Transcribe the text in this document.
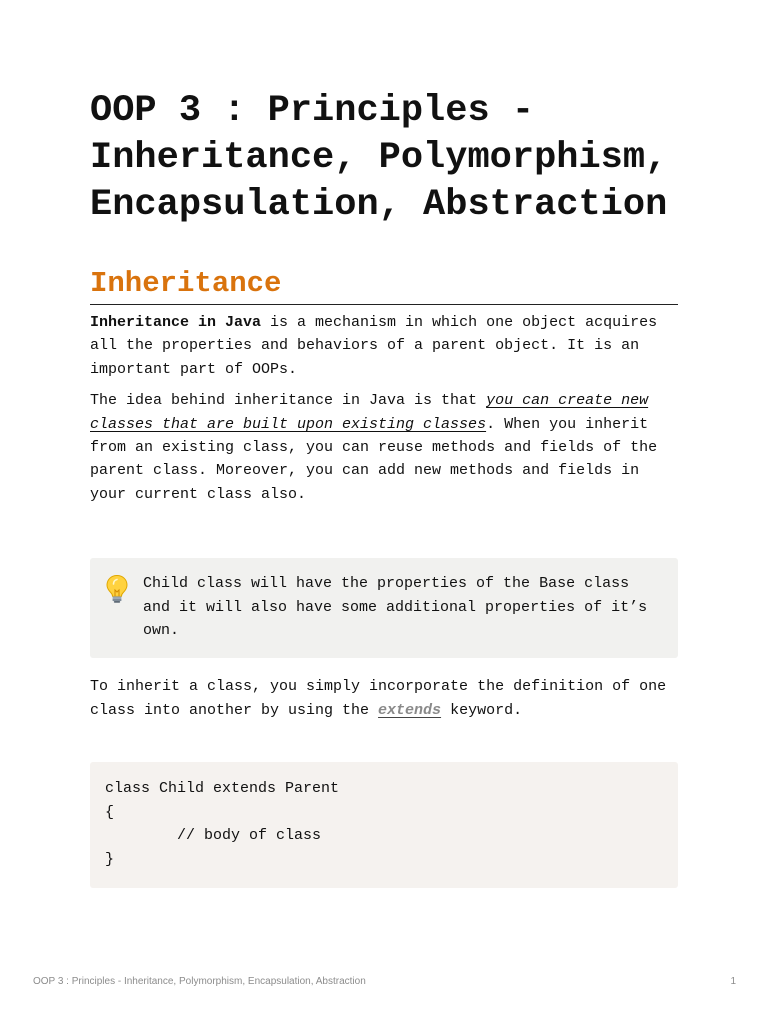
OOP 3 : Principles - Inheritance, Polymorphism, Encapsulation, Abstraction
Inheritance

Inheritance in Java is a mechanism in which one object acquires all the properties and behaviors of a parent object. It is an important part of OOPs.

The idea behind inheritance in Java is that you can create new classes that are built upon existing classes. When you inherit from an existing class, you can reuse methods and fields of the parent class. Moreover, you can add new methods and fields in your current class also.

Child class will have the properties of the Base class and it will also have some additional properties of it’s own.

To inherit a class, you simply incorporate the definition of one class into another by using the extends keyword.

class Child extends Parent
{
// body of class
}
OOP 3 : Principles - Inheritance, Polymorphism, Encapsulation, Abstraction	1
